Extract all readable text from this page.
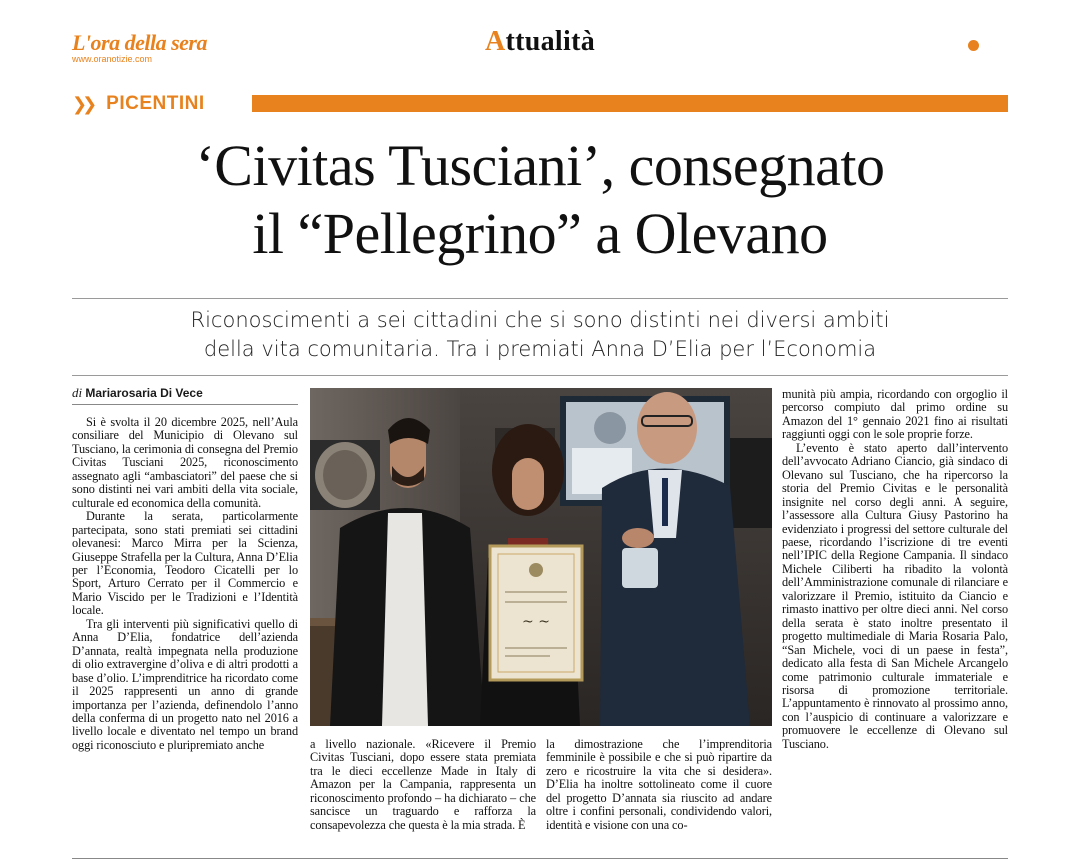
L'ora della sera
www.oranotizie.com
Attualità
❯❯ PICENTINI
‘Civitas Tusciani’, consegnato
il “Pellegrino” a Olevano
Riconoscimenti a sei cittadini che si sono distinti nei diversi ambiti
della vita comunitaria. Tra i premiati Anna D’Elia per l’Economia
di Mariarosaria Di Vece

Si è svolta il 20 dicembre 2025, nell’Aula consiliare del Municipio di Olevano sul Tusciano, la cerimonia di consegna del Premio Civitas Tusciani 2025, riconoscimento assegnato agli “ambasciatori” del paese che si sono distinti nei vari ambiti della vita sociale, culturale ed economica della comunità.

Durante la serata, particolarmente partecipata, sono stati premiati sei cittadini olevanesi: Marco Mirra per la Scienza, Giuseppe Strafella per la Cultura, Anna D’Elia per l’Economia, Teodoro Cicatelli per lo Sport, Arturo Cerrato per il Commercio e Mario Viscido per le Tradizioni e l’Identità locale.

Tra gli interventi più significativi quello di Anna D’Elia, fondatrice dell’azienda D’annata, realtà impegnata nella produzione di olio extravergine d’oliva e di altri prodotti a base d’olio. L’imprenditrice ha ricordato come il 2025 rappresenti un anno di grande importanza per l’azienda, definendolo l’anno della conferma di un progetto nato nel 2016 a livello locale e diventato nel tempo un brand oggi riconosciuto e pluripremiato anche

~ ~

a livello nazionale. «Ricevere il Premio Civitas Tusciani, dopo essere stata premiata tra le dieci eccellenze Made in Italy di Amazon per la Campania, rappresenta un riconoscimento profondo – ha dichiarato – che sancisce un traguardo e rafforza la consapevolezza che questa è la mia strada. È

la dimostrazione che l’imprenditoria femminile è possibile e che si può ripartire da zero e ricostruire la vita che si desidera». D’Elia ha inoltre sottolineato come il cuore del progetto D’annata sia riuscito ad andare oltre i confini personali, condividendo valori, identità e visione con una co-

munità più ampia, ricordando con orgoglio il percorso compiuto dal primo ordine su Amazon del 1° gennaio 2021 fino ai risultati raggiunti oggi con le sole proprie forze.

L’evento è stato aperto dall’intervento dell’avvocato Adriano Ciancio, già sindaco di Olevano sul Tusciano, che ha ripercorso la storia del Premio Civitas e le personalità insignite nel corso degli anni. A seguire, l’assessore alla Cultura Giusy Pastorino ha evidenziato i progressi del settore culturale del paese, ricordando l’iscrizione di tre eventi nell’IPIC della Regione Campania. Il sindaco Michele Ciliberti ha ribadito la volontà dell’Amministrazione comunale di rilanciare e valorizzare il Premio, istituito da Ciancio e rimasto inattivo per oltre dieci anni. Nel corso della serata è stato inoltre presentato il progetto multimediale di Maria Rosaria Palo, “San Michele, voci di un paese in festa”, dedicato alla festa di San Michele Arcangelo come patrimonio culturale immateriale e risorsa di promozione territoriale. L’appuntamento è rinnovato al prossimo anno, con l’auspicio di continuare a valorizzare e promuovere le eccellenze di Olevano sul Tusciano.
